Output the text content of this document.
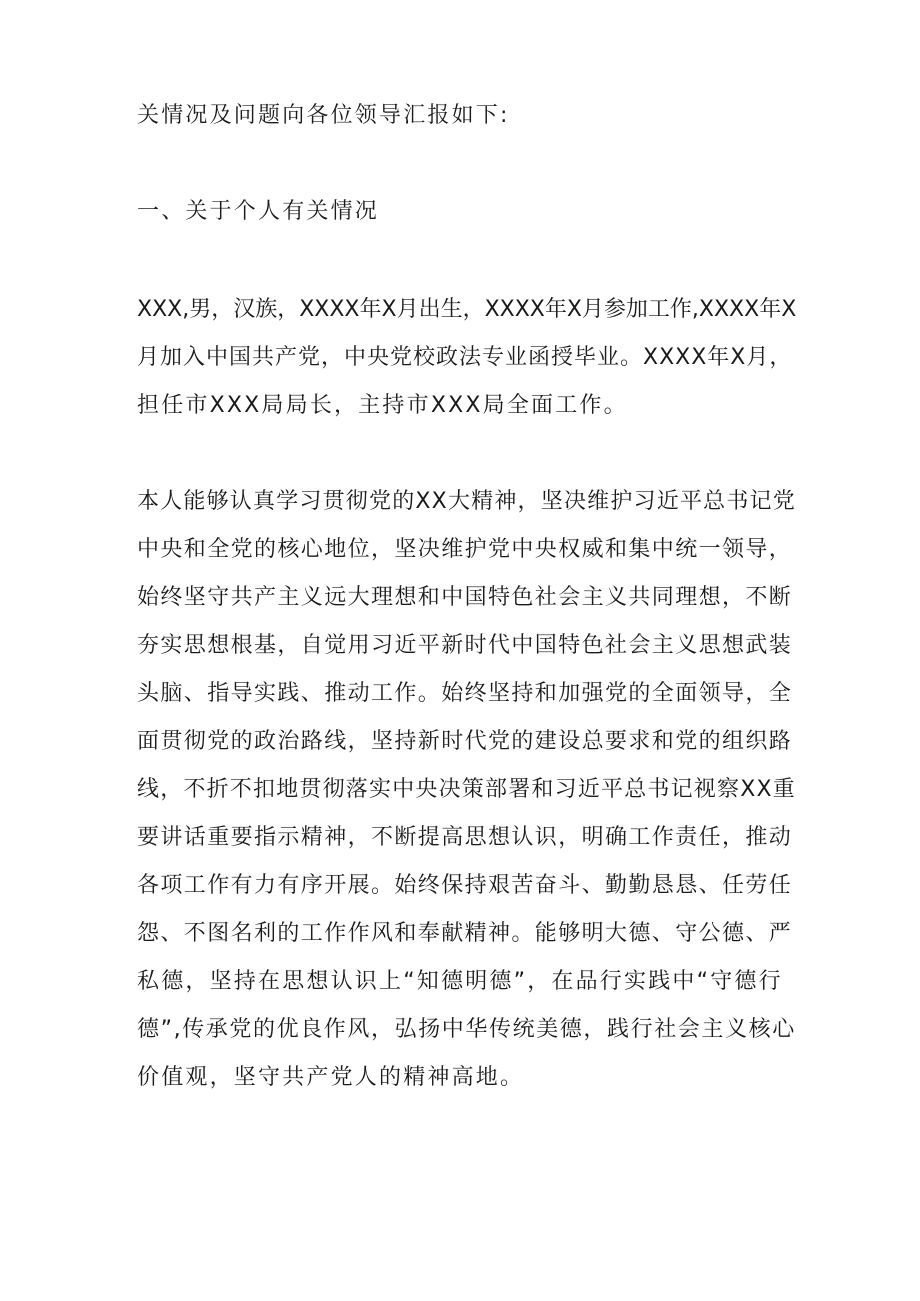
关情况及问题向各位领导汇报如下:
一、关于个人有关情况
XXX,男，汉族，XXXX年X月出生，XXXX年X月参加工作,XXXX年X
月加入中国共产党，中央党校政法专业函授毕业。XXXX年X月，
担任市XXX局局长，主持市XXX局全面工作。
本人能够认真学习贯彻党的XX大精神，坚决维护习近平总书记党
中央和全党的核心地位，坚决维护党中央权威和集中统一领导，
始终坚守共产主义远大理想和中国特色社会主义共同理想，不断
夯实思想根基，自觉用习近平新时代中国特色社会主义思想武装
头脑、指导实践、推动工作。始终坚持和加强党的全面领导，全
面贯彻党的政治路线，坚持新时代党的建设总要求和党的组织路
线，不折不扣地贯彻落实中央决策部署和习近平总书记视察XX重
要讲话重要指示精神，不断提高思想认识，明确工作责任，推动
各项工作有力有序开展。始终保持艰苦奋斗、勤勤恳恳、任劳任
怨、不图名利的工作作风和奉献精神。能够明大德、守公德、严
私德，坚持在思想认识上“知德明德”，在品行实践中“守德行
德”,传承党的优良作风，弘扬中华传统美德，践行社会主义核心
价值观，坚守共产党人的精神高地。
